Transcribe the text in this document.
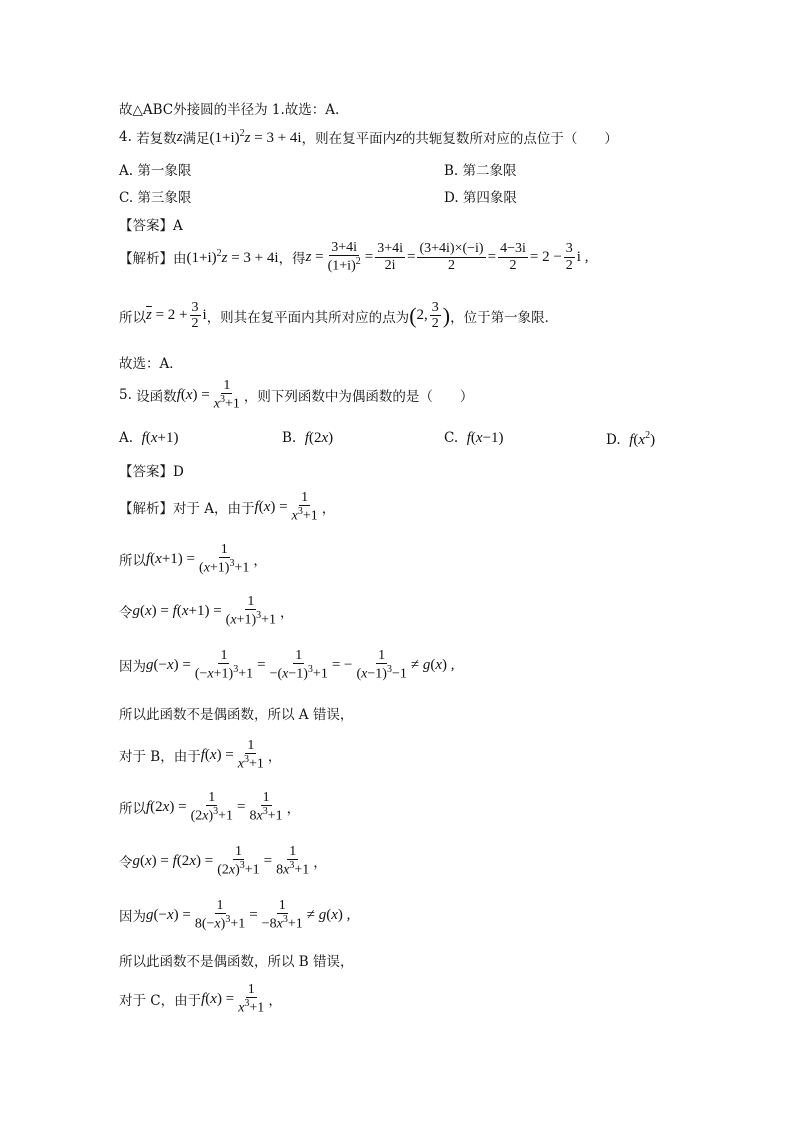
故△ABC外接圆的半径为 1.故选：A.
4.
若复数 z 满足 $(1+i)^2z = 3 + 4i$ ，则在复平面内 z 的共轭复数所对应的点位于（　　）
A. 第一象限	B. 第二象限
C. 第三象限	D. 第四象限
【答案】A
【解析】由 $(1+i)^2z = 3 + 4i$ ，得 $z = \frac{3+4i}{(1+i)^2} = \frac{3+4i}{2i} = \frac{(3+4i)\times(-i)}{2} = \frac{4-3i}{2} = 2 - \frac{3}{2}$ i ,
所以 $\overline{z} = 2 + \frac{3}{2}$ i ，则其在复平面内其所对应的点为 ( 2, $\frac{3}{2}$ ) ，位于第一象限．
故选：A．
5.
设函数 $f(x) = \frac{1}{x^3+1}$ ，则下列函数中为偶函数的是（　　）
A. f(x+1)	B. f(2x)	C. f(x−1)	D. $f(x^2)$
【答案】D
【解析】对于 A，由于 $f(x) = \frac{1}{x^3+1}$ ，
所以 $f(x+1) = \frac{1}{(x+1)^3+1}$ ，
令 $g(x) = f(x+1) = \frac{1}{(x+1)^3+1}$ ，
因为 $g(-x) = \frac{1}{(-x+1)^3+1} = \frac{1}{-(x-1)^3+1}$ = − $\frac{1}{(x-1)^3-1} \ne g(x)$ ,
所以此函数不是偶函数，所以 A 错误，
对于 B，由于 $f(x) = \frac{1}{x^3+1}$ ，
所以 $f(2x) = \frac{1}{(2x)^3+1} = \frac{1}{8x^3+1}$ ，
令 $g(x) = f(2x) = \frac{1}{(2x)^3+1} = \frac{1}{8x^3+1}$ ，
因为 $g(-x) = \frac{1}{8(-x)^3+1} = \frac{1}{-8x^3+1} \ne g(x)$ ,
所以此函数不是偶函数，所以 B 错误，
对于 C，由于 $f(x) = \frac{1}{x^3+1}$ ，
